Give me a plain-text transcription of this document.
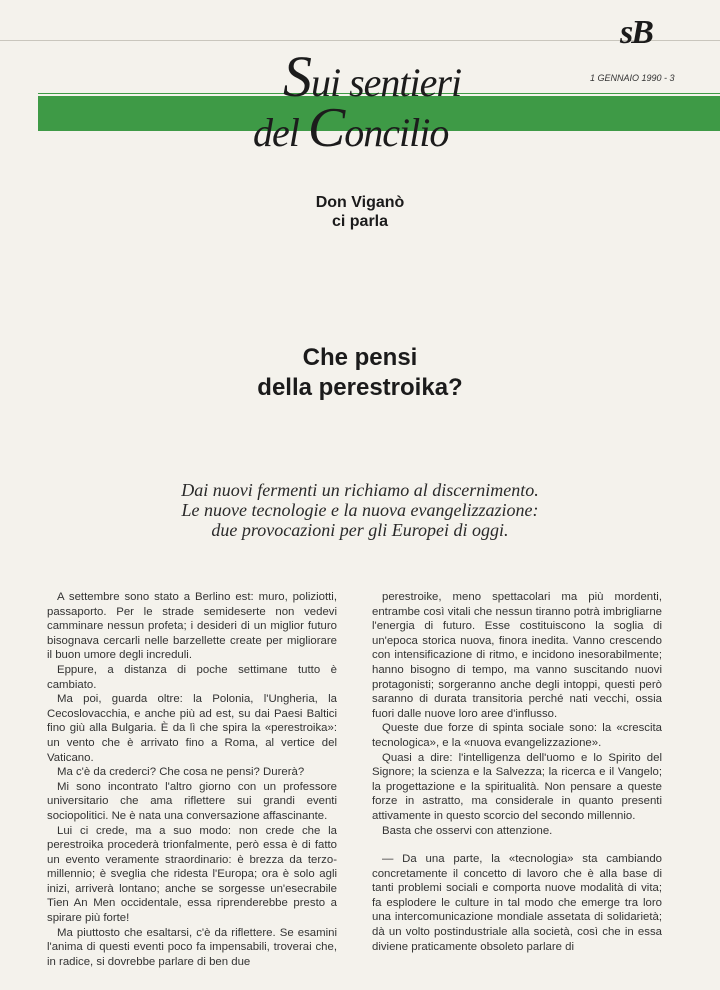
sB
1 GENNAIO 1990 - 3
Sui sentieri
del Concilio
Don Viganò
ci parla
Che pensi
della perestroika?
Dai nuovi fermenti un richiamo al discernimento.
Le nuove tecnologie e la nuova evangelizzazione:
due provocazioni per gli Europei di oggi.

A settembre sono stato a Berlino est: muro, poliziotti, passaporto. Per le strade semideserte non vedevi camminare nessun profeta; i desideri di un miglior futuro bisognava cercarli nelle barzellette create per migliorare il buon umore degli increduli.

Eppure, a distanza di poche settimane tutto è cambiato.

Ma poi, guarda oltre: la Polonia, l'Ungheria, la Cecoslovacchia, e anche più ad est, su dai Paesi Baltici fino giù alla Bulgaria. È da lì che spira la «perestroika»: un vento che è arrivato fino a Roma, al vertice del Vaticano.

Ma c'è da crederci? Che cosa ne pensi? Durerà?

Mi sono incontrato l'altro giorno con un professore universitario che ama riflettere sui grandi eventi sociopolitici. Ne è nata una conversazione affascinante.

Lui ci crede, ma a suo modo: non crede che la perestroika procederà trionfalmente, però essa è di fatto un evento veramente straordinario: è brezza da terzo-millennio; è sveglia che ridesta l'Europa; ora è solo agli inizi, arriverà lontano; anche se sorgesse un'esecrabile Tien An Men occidentale, essa riprenderebbe presto a spirare più forte!

Ma piuttosto che esaltarsi, c'è da riflettere. Se esamini l'anima di questi eventi poco fa impensabili, troverai che, in radice, si dovrebbe parlare di ben due

perestroike, meno spettacolari ma più mordenti, entrambe così vitali che nessun tiranno potrà imbrigliarne l'energia di futuro. Esse costituiscono la soglia di un'epoca storica nuova, finora inedita. Vanno crescendo con intensificazione di ritmo, e incidono inesorabilmente; hanno bisogno di tempo, ma vanno suscitando nuovi protagonisti; sorgeranno anche degli intoppi, questi però saranno di durata transitoria perché nati vecchi, ossia fuori dalle nuove loro aree d'influsso.

Queste due forze di spinta sociale sono: la «crescita tecnologica», e la «nuova evangelizzazione».

Quasi a dire: l'intelligenza dell'uomo e lo Spirito del Signore; la scienza e la Salvezza; la ricerca e il Vangelo; la progettazione e la spiritualità. Non pensare a queste forze in astratto, ma considerale in quanto presenti attivamente in questo scorcio del secondo millennio.

Basta che osservi con attenzione.

— Da una parte, la «tecnologia» sta cambiando concretamente il concetto di lavoro che è alla base di tanti problemi sociali e comporta nuove modalità di vita; fa esplodere le culture in tal modo che emerge tra loro una intercomunicazione mondiale assetata di solidarietà; dà un volto postindustriale alla società, così che in essa diviene praticamente obsoleto parlare di
